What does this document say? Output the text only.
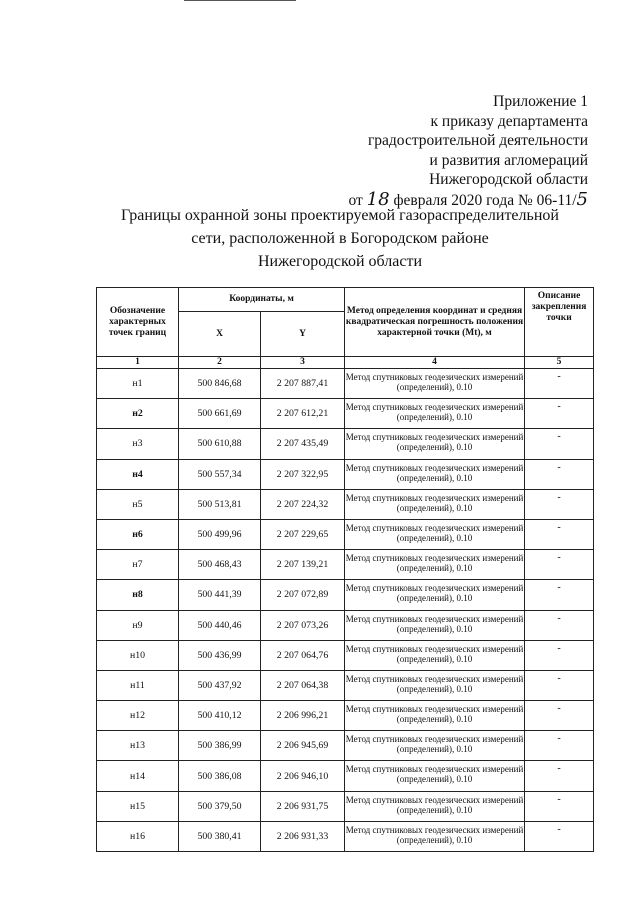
Приложение 1
к приказу департамента
градостроительной деятельности
и развития агломераций
Нижегородской области
от 18 февраля 2020 года № 06-11/5
Границы охранной зоны проектируемой газораспределительной
сети, расположенной в Богородском районе
Нижегородской области
Обозначение характерных точек границ	Координаты, м		Метод определения координат и средняя квадратическая погрешность положения характерной точки (Mt), м	Описание закрепления точки
	X	Y		
1	2	3	4	5
н1	500 846,68	2 207 887,41	Метод спутниковых геодезических измерений (определений), 0.10	-
н2	500 661,69	2 207 612,21	Метод спутниковых геодезических измерений (определений), 0.10	-
н3	500 610,88	2 207 435,49	Метод спутниковых геодезических измерений (определений), 0.10	-
н4	500 557,34	2 207 322,95	Метод спутниковых геодезических измерений (определений), 0.10	-
н5	500 513,81	2 207 224,32	Метод спутниковых геодезических измерений (определений), 0.10	-
н6	500 499,96	2 207 229,65	Метод спутниковых геодезических измерений (определений), 0.10	-
н7	500 468,43	2 207 139,21	Метод спутниковых геодезических измерений (определений), 0.10	-
н8	500 441,39	2 207 072,89	Метод спутниковых геодезических измерений (определений), 0.10	-
н9	500 440,46	2 207 073,26	Метод спутниковых геодезических измерений (определений), 0.10	-
н10	500 436,99	2 207 064,76	Метод спутниковых геодезических измерений (определений), 0.10	-
н11	500 437,92	2 207 064,38	Метод спутниковых геодезических измерений (определений), 0.10	-
н12	500 410,12	2 206 996,21	Метод спутниковых геодезических измерений (определений), 0.10	-
н13	500 386,99	2 206 945,69	Метод спутниковых геодезических измерений (определений), 0.10	-
н14	500 386,08	2 206 946,10	Метод спутниковых геодезических измерений (определений), 0.10	-
н15	500 379,50	2 206 931,75	Метод спутниковых геодезических измерений (определений), 0.10	-
н16	500 380,41	2 206 931,33	Метод спутниковых геодезических измерений (определений), 0.10	-
